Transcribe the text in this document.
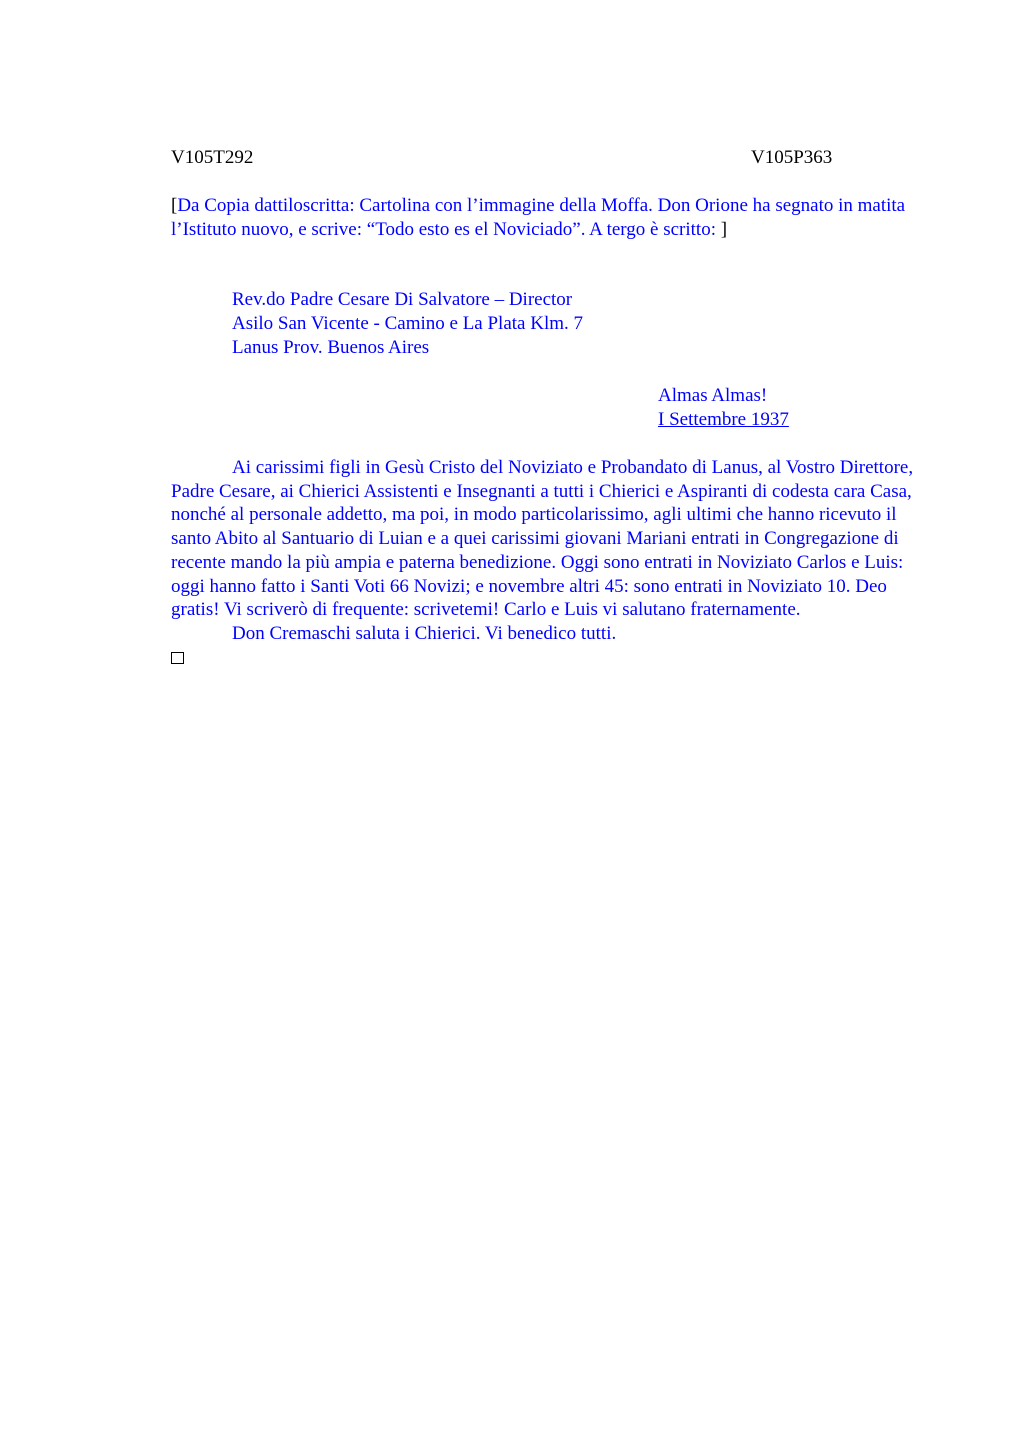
V105T292	V105P363
[Da Copia dattiloscritta: Cartolina con l’immagine della Moffa. Don Orione ha segnato in matita l’Istituto nuovo, e scrive: “Todo esto es el Noviciado”. A tergo è scritto: ]
Rev.do Padre Cesare Di Salvatore – Director
Asilo San Vicente - Camino e La Plata Klm. 7
Lanus Prov. Buenos Aires
Almas Almas!
I Settembre 1937

Ai carissimi figli in Gesù Cristo del Noviziato e Probandato di Lanus, al Vostro Direttore, Padre Cesare, ai Chierici Assistenti e Insegnanti a tutti i Chierici e Aspiranti di codesta cara Casa, nonché al personale addetto, ma poi, in modo particolarissimo, agli ultimi che hanno ricevuto il santo Abito al Santuario di Luian e a quei carissimi giovani Mariani entrati in Congregazione di recente mando la più ampia e paterna benedizione. Oggi sono entrati in Noviziato Carlos e Luis: oggi hanno fatto i Santi Voti 66 Novizi; e novembre altri 45: sono entrati in Noviziato 10. Deo gratis! Vi scriverò di frequente: scrivetemi! Carlo e Luis vi salutano fraternamente.

Don Cremaschi saluta i Chierici. Vi benedico tutti.
